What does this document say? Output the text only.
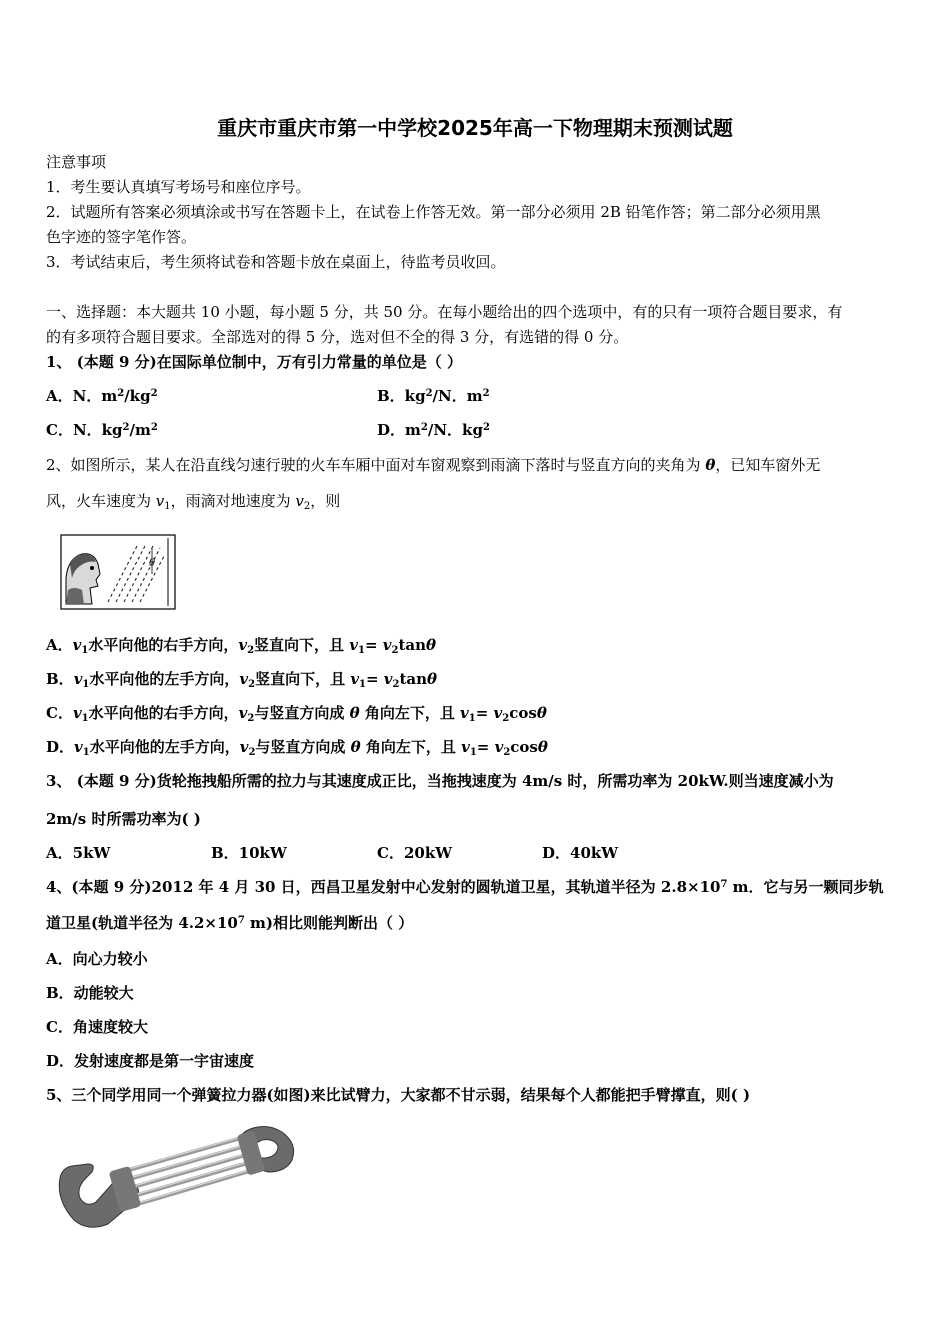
重庆市重庆市第一中学校2025年高一下物理期末预测试题
注意事项
1．考生要认真填写考场号和座位序号。
2．试题所有答案必须填涂或书写在答题卡上，在试卷上作答无效。第一部分必须用 2B 铅笔作答；第二部分必须用黑
色字迹的签字笔作答。
3．考试结束后，考生须将试卷和答题卡放在桌面上，待监考员收回。
一、选择题：本大题共 10 小题，每小题 5 分，共 50 分。在每小题给出的四个选项中，有的只有一项符合题目要求，有
的有多项符合题目要求。全部选对的得 5 分，选对但不全的得 3 分，有选错的得 0 分。
1、 (本题 9 分)在国际单位制中，万有引力常量的单位是（ ）
A．N．$m^2/kg^2$	B．$kg^2/N$．$m^2$
C．N．$kg^2/m^2$	D．$m^2/N$．$kg^2$
2、如图所示，某人在沿直线匀速行驶的火车车厢中面对车窗观察到雨滴下落时与竖直方向的夹角为 θ，已知车窗外无
风，火车速度为 $v_1$，雨滴对地速度为 $v_2$，则
θ
A．$v_1$水平向他的右手方向，$v_2$竖直向下，且 $v_1= v_2\tan\theta$
B．$v_1$水平向他的左手方向，$v_2$竖直向下，且 $v_1= v_2\tan\theta$
C．$v_1$水平向他的右手方向，$v_2$与竖直方向成 θ 角向左下，且 $v_1= v_2\cos\theta$
D．$v_1$水平向他的左手方向，$v_2$与竖直方向成 θ 角向左下，且 $v_1= v_2\cos\theta$
3、 (本题 9 分)货轮拖拽船所需的拉力与其速度成正比，当拖拽速度为 4m/s 时，所需功率为 20kW.则当速度减小为
2m/s 时所需功率为( )
A．5kW	B．10kW	C．20kW	D．40kW
4、(本题 9 分)2012 年 4 月 30 日，西昌卫星发射中心发射的圆轨道卫星，其轨道半径为 $2.8\times 10^7$ m．它与另一颗同步轨
道卫星(轨道半径为 $4.2\times 10^7$ m)相比则能判断出（ ）
A．向心力较小
B．动能较大
C．角速度较大
D．发射速度都是第一宇宙速度
5、三个同学用同一个弹簧拉力器(如图)来比试臂力，大家都不甘示弱，结果每个人都能把手臂撑直，则( )
